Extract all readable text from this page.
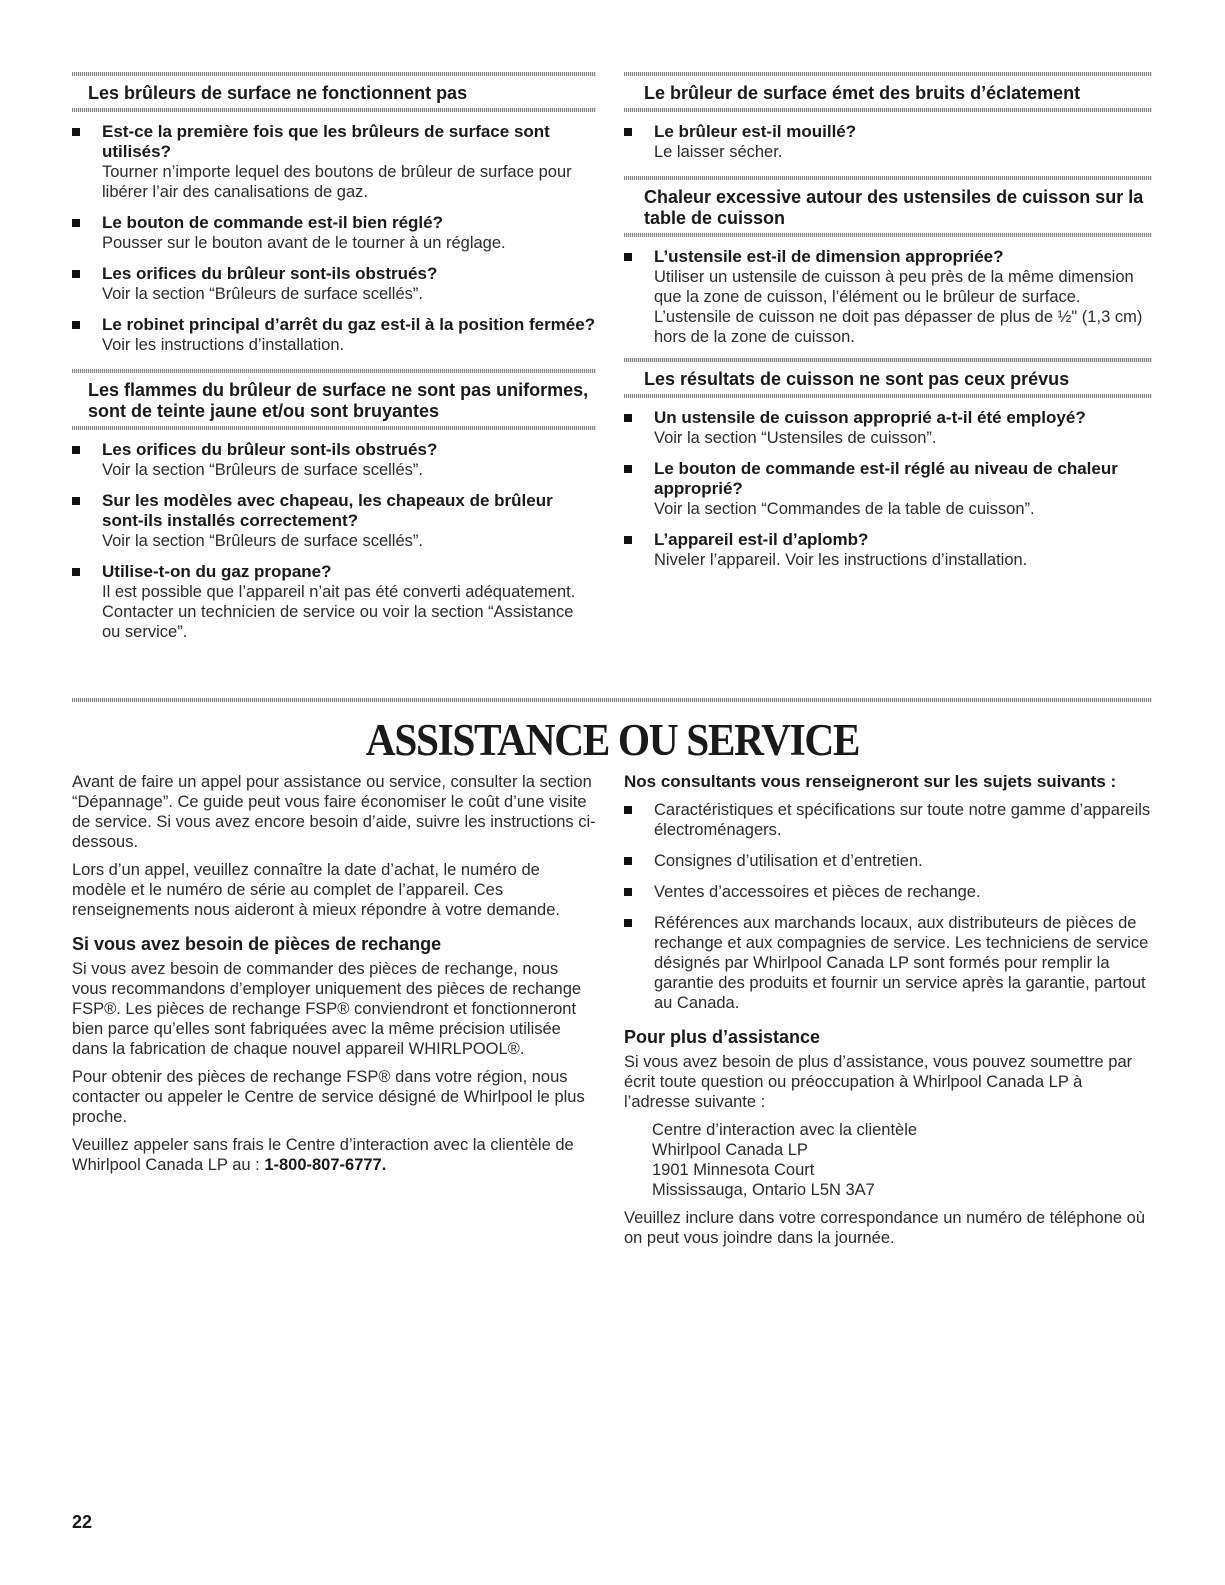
Les brûleurs de surface ne fonctionnent pas
Est-ce la première fois que les brûleurs de surface sont utilisés?
Tourner n’importe lequel des boutons de brûleur de surface pour libérer l’air des canalisations de gaz.
Le bouton de commande est-il bien réglé?
Pousser sur le bouton avant de le tourner à un réglage.
Les orifices du brûleur sont-ils obstrués?
Voir la section “Brûleurs de surface scellés”.
Le robinet principal d’arrêt du gaz est-il à la position fermée?
Voir les instructions d’installation.
Les flammes du brûleur de surface ne sont pas uniformes, sont de teinte jaune et/ou sont bruyantes
Les orifices du brûleur sont-ils obstrués?
Voir la section “Brûleurs de surface scellés”.
Sur les modèles avec chapeau, les chapeaux de brûleur sont-ils installés correctement?
Voir la section “Brûleurs de surface scellés”.
Utilise-t-on du gaz propane?
Il est possible que l’appareil n’ait pas été converti adéquatement. Contacter un technicien de service ou voir la section “Assistance ou service”.
Le brûleur de surface émet des bruits d’éclatement
Le brûleur est-il mouillé?
Le laisser sécher.
Chaleur excessive autour des ustensiles de cuisson sur la table de cuisson
L’ustensile est-il de dimension appropriée?
Utiliser un ustensile de cuisson à peu près de la même dimension que la zone de cuisson, l’élément ou le brûleur de surface. L’ustensile de cuisson ne doit pas dépasser de plus de ½" (1,3 cm) hors de la zone de cuisson.
Les résultats de cuisson ne sont pas ceux prévus
Un ustensile de cuisson approprié a-t-il été employé?
Voir la section “Ustensiles de cuisson”.
Le bouton de commande est-il réglé au niveau de chaleur approprié?
Voir la section “Commandes de la table de cuisson”.
L’appareil est-il d’aplomb?
Niveler l’appareil. Voir les instructions d’installation.
ASSISTANCE OU SERVICE

Avant de faire un appel pour assistance ou service, consulter la section “Dépannage”. Ce guide peut vous faire économiser le coût d’une visite de service. Si vous avez encore besoin d’aide, suivre les instructions ci-dessous.

Lors d’un appel, veuillez connaître la date d’achat, le numéro de modèle et le numéro de série au complet de l’appareil. Ces renseignements nous aideront à mieux répondre à votre demande.

Si vous avez besoin de pièces de rechange

Si vous avez besoin de commander des pièces de rechange, nous vous recommandons d’employer uniquement des pièces de rechange FSP®. Les pièces de rechange FSP® conviendront et fonctionneront bien parce qu’elles sont fabriquées avec la même précision utilisée dans la fabrication de chaque nouvel appareil WHIRLPOOL®.

Pour obtenir des pièces de rechange FSP® dans votre région, nous contacter ou appeler le Centre de service désigné de Whirlpool le plus proche.

Veuillez appeler sans frais le Centre d’interaction avec la clientèle de Whirlpool Canada LP au : 1-800-807-6777.

Nos consultants vous renseigneront sur les sujets suivants :

Caractéristiques et spécifications sur toute notre gamme d’appareils électroménagers.
Consignes d’utilisation et d’entretien.
Ventes d’accessoires et pièces de rechange.
Références aux marchands locaux, aux distributeurs de pièces de rechange et aux compagnies de service. Les techniciens de service désignés par Whirlpool Canada LP sont formés pour remplir la garantie des produits et fournir un service après la garantie, partout au Canada.
Pour plus d’assistance

Si vous avez besoin de plus d’assistance, vous pouvez soumettre par écrit toute question ou préoccupation à Whirlpool Canada LP à l’adresse suivante :

Centre d’interaction avec la clientèle
Whirlpool Canada LP
1901 Minnesota Court
Mississauga, Ontario L5N 3A7

Veuillez inclure dans votre correspondance un numéro de téléphone où on peut vous joindre dans la journée.

22
